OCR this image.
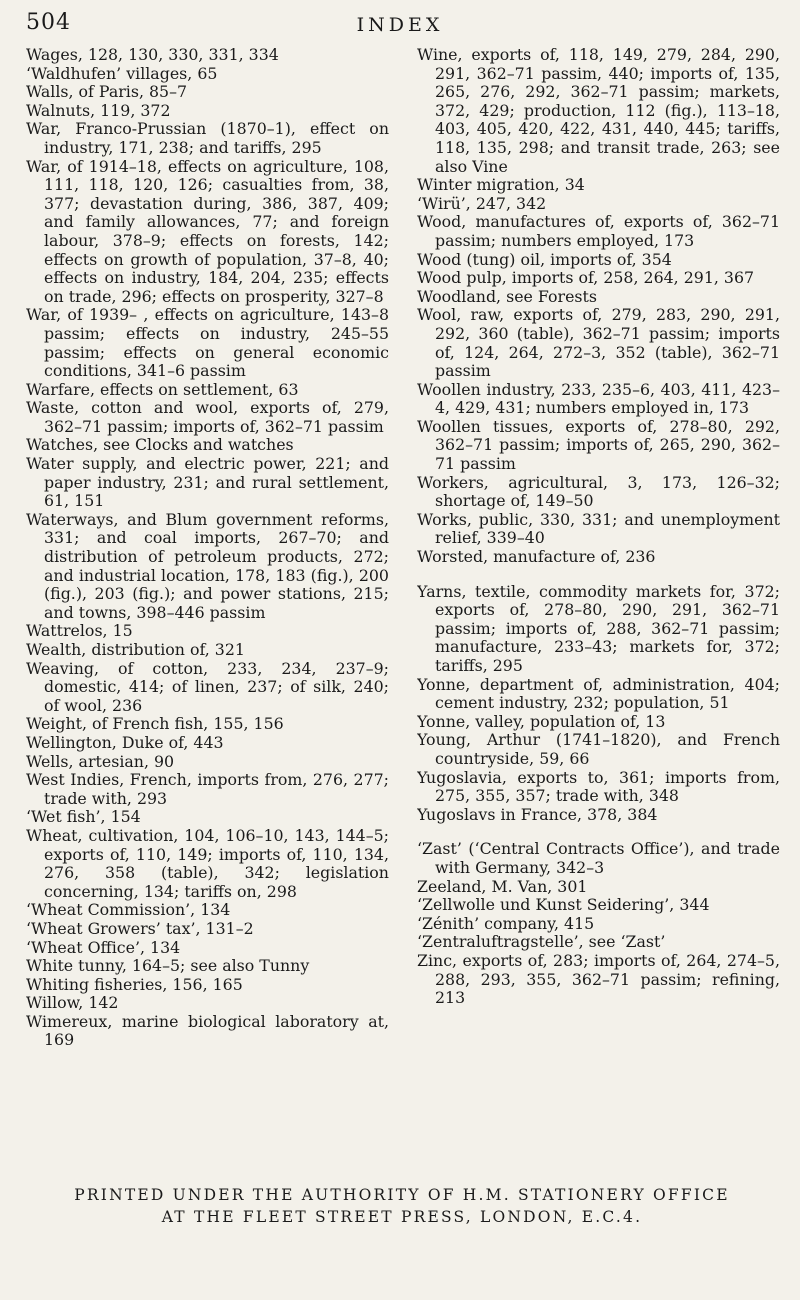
504	INDEX

Wages, 128, 130, 330, 331, 334

‘Waldhufen’ villages, 65

Walls, of Paris, 85–7

Walnuts, 119, 372

War, Franco-Prussian (1870–1), effect on industry, 171, 238; and tariffs, 295

War, of 1914–18, effects on agriculture, 108, 111, 118, 120, 126; casualties from, 38, 377; devastation during, 386, 387, 409; and family allowances, 77; and foreign labour, 378–9; effects on forests, 142; effects on growth of population, 37–8, 40; effects on industry, 184, 204, 235; effects on trade, 296; effects on prosperity, 327–8

War, of 1939– , effects on agriculture, 143–8 passim; effects on industry, 245–55 passim; effects on general economic conditions, 341–6 passim

Warfare, effects on settlement, 63

Waste, cotton and wool, exports of, 279, 362–71 passim; imports of, 362–71 passim

Watches, see Clocks and watches

Water supply, and electric power, 221; and paper industry, 231; and rural settlement, 61, 151

Waterways, and Blum government reforms, 331; and coal imports, 267–70; and distribution of petroleum products, 272; and industrial location, 178, 183 (fig.), 200 (fig.), 203 (fig.); and power stations, 215; and towns, 398–446 passim

Wattrelos, 15

Wealth, distribution of, 321

Weaving, of cotton, 233, 234, 237–9; domestic, 414; of linen, 237; of silk, 240; of wool, 236

Weight, of French fish, 155, 156

Wellington, Duke of, 443

Wells, artesian, 90

West Indies, French, imports from, 276, 277; trade with, 293

‘Wet fish’, 154

Wheat, cultivation, 104, 106–10, 143, 144–5; exports of, 110, 149; imports of, 110, 134, 276, 358 (table), 342; legislation concerning, 134; tariffs on, 298

‘Wheat Commission’, 134

‘Wheat Growers’ tax’, 131–2

‘Wheat Office’, 134

White tunny, 164–5; see also Tunny

Whiting fisheries, 156, 165

Willow, 142

Wimereux, marine biological laboratory at, 169

Wine, exports of, 118, 149, 279, 284, 290, 291, 362–71 passim, 440; imports of, 135, 265, 276, 292, 362–71 passim; markets, 372, 429; production, 112 (fig.), 113–18, 403, 405, 420, 422, 431, 440, 445; tariffs, 118, 135, 298; and transit trade, 263; see also Vine

Winter migration, 34

‘Wirü’, 247, 342

Wood, manufactures of, exports of, 362–71 passim; numbers employed, 173

Wood (tung) oil, imports of, 354

Wood pulp, imports of, 258, 264, 291, 367

Woodland, see Forests

Wool, raw, exports of, 279, 283, 290, 291, 292, 360 (table), 362–71 passim; imports of, 124, 264, 272–3, 352 (table), 362–71 passim

Woollen industry, 233, 235–6, 403, 411, 423–4, 429, 431; numbers employed in, 173

Woollen tissues, exports of, 278–80, 292, 362–71 passim; imports of, 265, 290, 362–71 passim

Workers, agricultural, 3, 173, 126–32; shortage of, 149–50

Works, public, 330, 331; and unemployment relief, 339–40

Worsted, manufacture of, 236

Yarns, textile, commodity markets for, 372; exports of, 278–80, 290, 291, 362–71 passim; imports of, 288, 362–71 passim; manufacture, 233–43; markets for, 372; tariffs, 295

Yonne, department of, administration, 404; cement industry, 232; population, 51

Yonne, valley, population of, 13

Young, Arthur (1741–1820), and French countryside, 59, 66

Yugoslavia, exports to, 361; imports from, 275, 355, 357; trade with, 348

Yugoslavs in France, 378, 384

‘Zast’ (‘Central Contracts Office’), and trade with Germany, 342–3

Zeeland, M. Van, 301

‘Zellwolle und Kunst Seidering’, 344

‘Zénith’ company, 415

‘Zentraluftragstelle’, see ‘Zast’

Zinc, exports of, 283; imports of, 264, 274–5, 288, 293, 355, 362–71 passim; refining, 213

PRINTED UNDER THE AUTHORITY OF H.M. STATIONERY OFFICE
AT THE FLEET STREET PRESS, LONDON, E.C.4.
